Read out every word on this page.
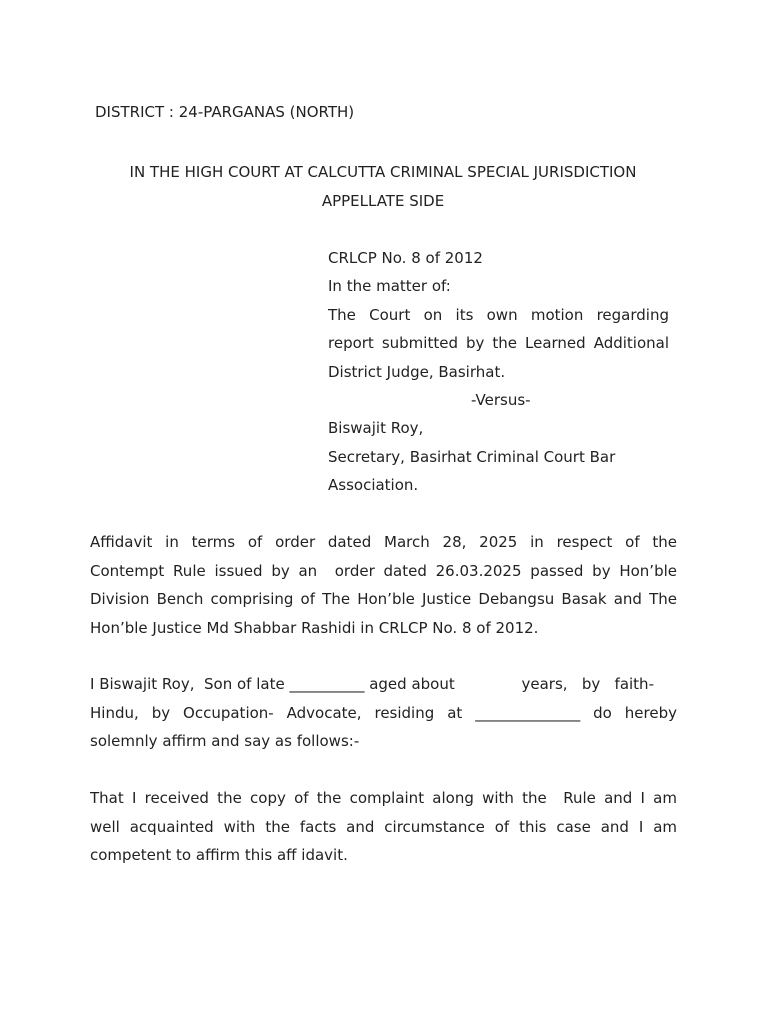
DISTRICT : 24-PARGANAS (NORTH)
IN THE HIGH COURT AT CALCUTTA CRIMINAL SPECIAL JURISDICTION
APPELLATE SIDE
CRLCP No. 8 of 2012
In the matter of:
The Court on its own motion regarding
report submitted by the Learned Additional
District Judge, Basirhat.
-Versus-
Biswajit Roy,
Secretary, Basirhat Criminal Court Bar
Association.
Affidavit in terms of order dated March 28, 2025 in respect of the
Contempt Rule issued by an  order dated 26.03.2025 passed by Hon’ble
Division Bench comprising of The Hon’ble Justice Debangsu Basak and The
Hon’ble Justice Md Shabbar Rashidi in CRLCP No. 8 of 2012.
I Biswajit Roy,  Son of late __________ aged about              years,   by   faith-
Hindu, by Occupation- Advocate, residing at ______________ do hereby
solemnly affirm and say as follows:-
That I received the copy of the complaint along with the  Rule and I am
well acquainted with the facts and circumstance of this case and I am
competent to affirm this aff idavit.
